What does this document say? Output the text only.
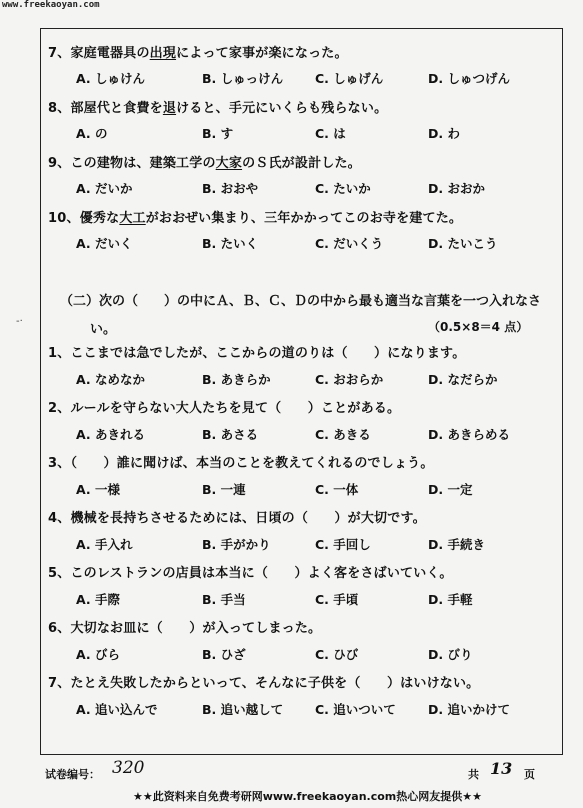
www.freekaoyan.com
-·
7、家庭電器具の出現によって家事が楽になった。
A. しゅけん	B. しゅっけん	C. しゅげん	D. しゅつげん
8、部屋代と食費を退けると、手元にいくらも残らない。
A. の	B. す	C. は	D. わ
9、この建物は、建築工学の大家のＳ氏が設計した。
A. だいか	B. おおや	C. たいか	D. おおか
10、優秀な大工がおおぜい集まり、三年かかってこのお寺を建てた。
A. だいく	B. たいく	C. だいくう	D. たいこう
（二）次の（　　）の中にＡ、Ｂ、Ｃ、Ｄの中から最も適当な言葉を一つ入れなさ
い。	（0.5×8＝4 点）
1、ここまでは急でしたが、ここからの道のりは（　　）になります。
A. なめなか	B. あきらか	C. おおらか	D. なだらか
2、ルールを守らない大人たちを見て（　　）ことがある。
A. あきれる	B. あさる	C. あきる	D. あきらめる
3、（　　）誰に聞けば、本当のことを教えてくれるのでしょう。
A. 一様	B. 一連	C. 一体	D. 一定
4、機械を長持ちさせるためには、日頃の（　　）が大切です。
A. 手入れ	B. 手がかり	C. 手回し	D. 手続き
5、このレストランの店員は本当に（　　）よく客をさばいていく。
A. 手際	B. 手当	C. 手頃	D. 手軽
6、大切なお皿に（　　）が入ってしまった。
A. びら	B. ひざ	C. ひび	D. びり
7、たとえ失敗したからといって、そんなに子供を（　　）はいけない。
A. 追い込んで	B. 追い越して	C. 追いついて	D. 追いかけて
试卷编号： 320	共 13 页
★★此资料来自免费考研网www.freekaoyan.com热心网友提供★★
